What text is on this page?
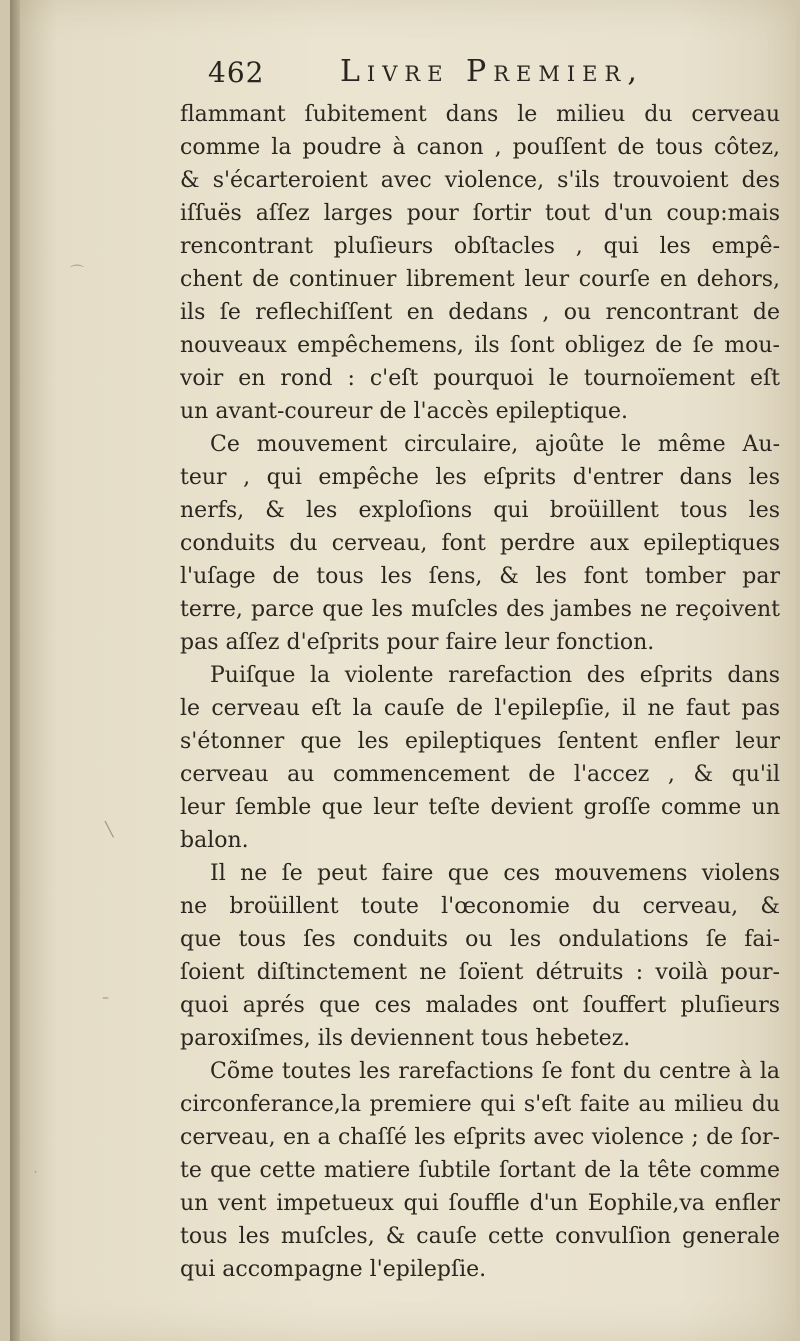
462	Livre Premier,
flammant ſubitement dans le milieu du cerveau
comme la poudre à canon , pouſſent de tous côtez,
& s'écarteroient avec violence, s'ils trouvoient des
iſſuës aſſez larges pour ſortir tout d'un coup:mais
rencontrant pluſieurs obſtacles , qui les empê-
chent de continuer librement leur courſe en dehors,
ils ſe reflechiſſent en dedans , ou rencontrant de
nouveaux empêchemens, ils ſont obligez de ſe mou-
voir en rond : c'eſt pourquoi le tournoïement eſt
un avant-coureur de l'accès epileptique.
Ce mouvement circulaire, ajoûte le même Au-
teur , qui empêche les eſprits d'entrer dans les
nerfs, & les exploſions qui broüillent tous les
conduits du cerveau, font perdre aux epileptiques
l'uſage de tous les ſens, & les font tomber par
terre, parce que les muſcles des jambes ne reçoivent
pas aſſez d'eſprits pour faire leur fonction.
Puiſque la violente rarefaction des eſprits dans
le cerveau eſt la cauſe de l'epilepſie, il ne faut pas
s'étonner que les epileptiques ſentent enfler leur
cerveau au commencement de l'accez , & qu'il
leur ſemble que leur teſte devient groſſe comme un
balon.
Il ne ſe peut faire que ces mouvemens violens
ne broüillent toute l'œconomie du cerveau, &
que tous ſes conduits ou les ondulations ſe fai-
ſoient diſtinctement ne ſoïent détruits : voilà pour-
quoi aprés que ces malades ont ſouffert pluſieurs
paroxiſmes, ils deviennent tous hebetez.
Cõme toutes les rarefactions ſe font du centre à la
circonferance,la premiere qui s'eſt faite au milieu du
cerveau, en a chaſſé les eſprits avec violence ; de ſor-
te que cette matiere ſubtile ſortant de la tête comme
un vent impetueux qui ſouffle d'un Eophile,va enfler
tous les muſcles, & cauſe cette convulſion generale
qui accompagne l'epilepſie.
⌒
╲
–
˙
